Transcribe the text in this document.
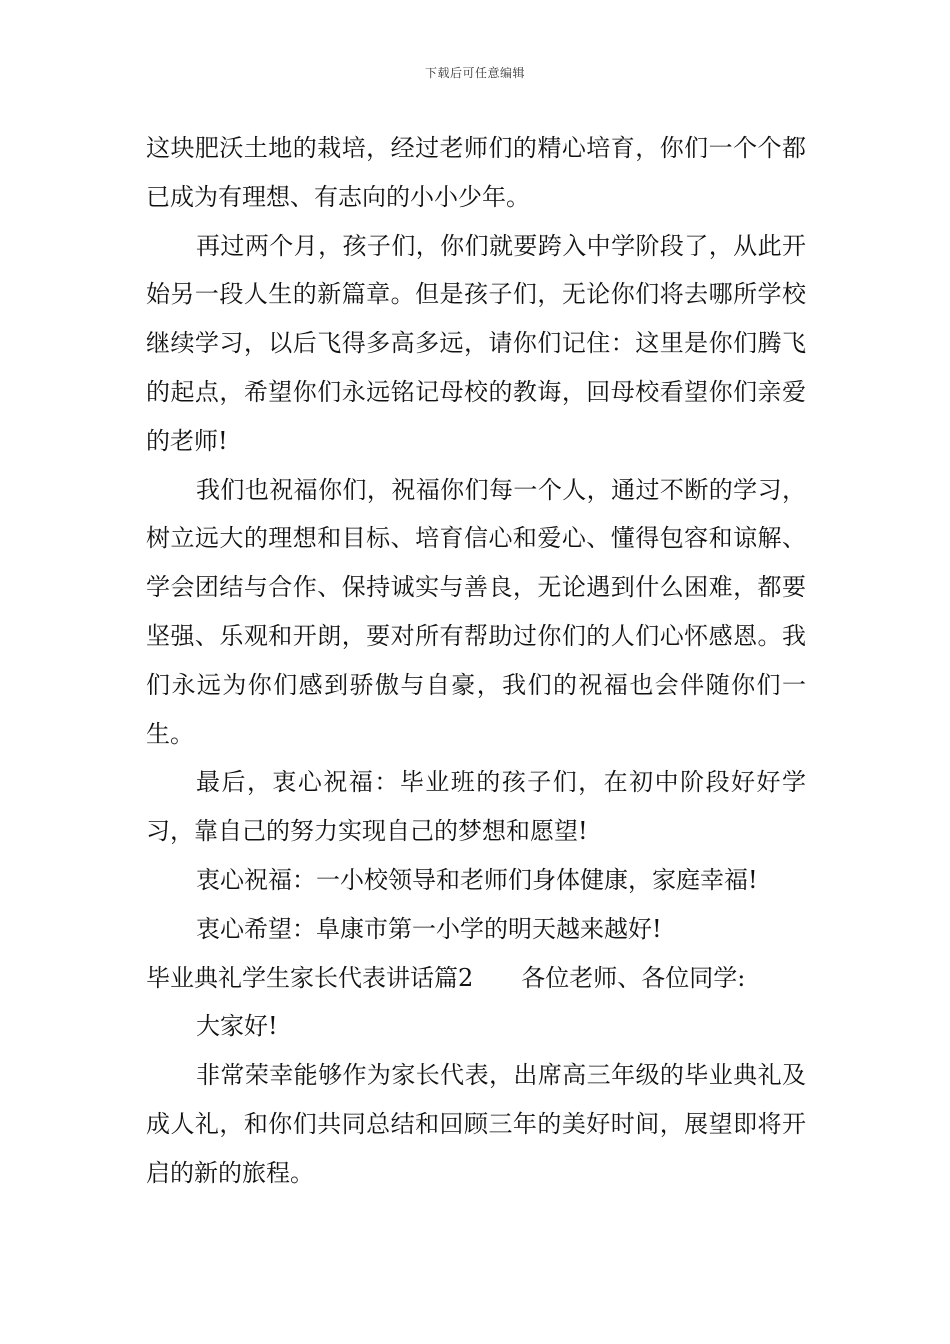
下载后可任意编辑

这块肥沃土地的栽培，经过老师们的精心培育，你们一个个都已成为有理想、有志向的小小少年。

再过两个月，孩子们，你们就要跨入中学阶段了，从此开始另一段人生的新篇章。但是孩子们，无论你们将去哪所学校继续学习，以后飞得多高多远，请你们记住：这里是你们腾飞的起点，希望你们永远铭记母校的教诲，回母校看望你们亲爱的老师!

我们也祝福你们，祝福你们每一个人，通过不断的学习，树立远大的理想和目标、培育信心和爱心、懂得包容和谅解、学会团结与合作、保持诚实与善良，无论遇到什么困难，都要坚强、乐观和开朗，要对所有帮助过你们的人们心怀感恩。我们永远为你们感到骄傲与自豪，我们的祝福也会伴随你们一生。

最后，衷心祝福：毕业班的孩子们，在初中阶段好好学习，靠自己的努力实现自己的梦想和愿望!

衷心祝福：一小校领导和老师们身体健康，家庭幸福!

衷心希望：阜康市第一小学的明天越来越好!

毕业典礼学生家长代表讲话篇2　　各位老师、各位同学:

大家好!

非常荣幸能够作为家长代表，出席高三年级的毕业典礼及成人礼，和你们共同总结和回顾三年的美好时间，展望即将开启的新的旅程。
